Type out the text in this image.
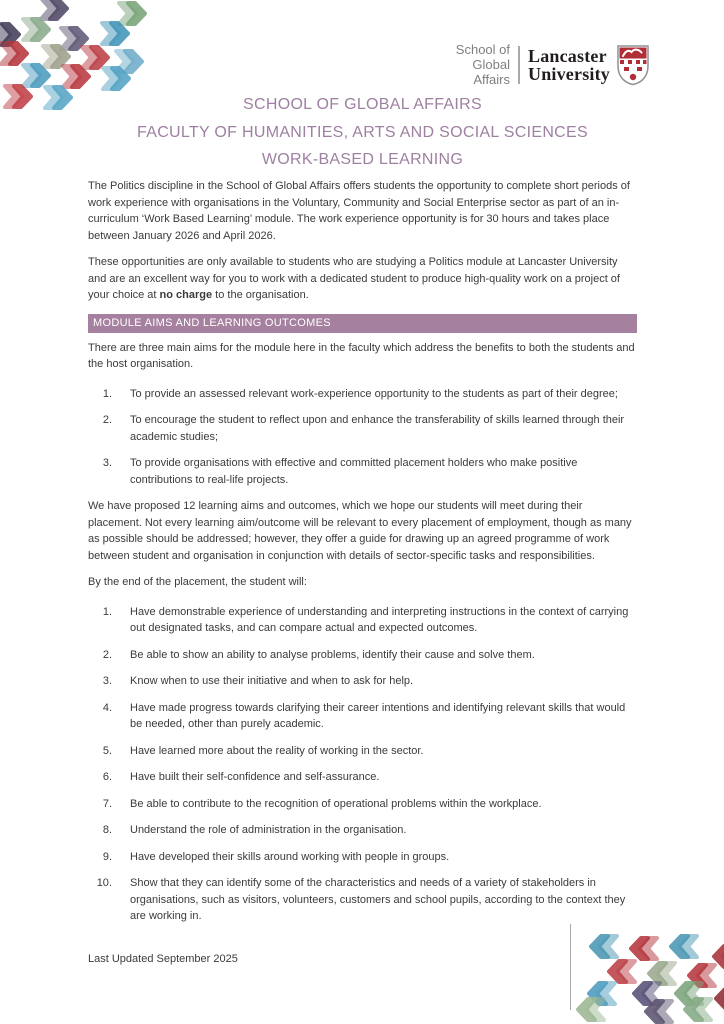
School of
Global Affairs
Lancaster
University
SCHOOL OF GLOBAL AFFAIRS
FACULTY OF HUMANITIES, ARTS AND SOCIAL SCIENCES
WORK-BASED LEARNING

The Politics discipline in the School of Global Affairs offers students the opportunity to complete short periods of work experience with organisations in the Voluntary, Community and Social Enterprise sector as part of an in-curriculum ‘Work Based Learning’ module. The work experience opportunity is for 30 hours and takes place between January 2026 and April 2026.

These opportunities are only available to students who are studying a Politics module at Lancaster University and are an excellent way for you to work with a dedicated student to produce high-quality work on a project of your choice at no charge to the organisation.

MODULE AIMS AND LEARNING OUTCOMES

There are three main aims for the module here in the faculty which address the benefits to both the students and the host organisation.

To provide an assessed relevant work-experience opportunity to the students as part of their degree;
To encourage the student to reflect upon and enhance the transferability of skills learned through their academic studies;
To provide organisations with effective and committed placement holders who make positive contributions to real-life projects.

We have proposed 12 learning aims and outcomes, which we hope our students will meet during their placement. Not every learning aim/outcome will be relevant to every placement of employment, though as many as possible should be addressed; however, they offer a guide for drawing up an agreed programme of work between student and organisation in conjunction with details of sector-specific tasks and responsibilities.

By the end of the placement, the student will:

Have demonstrable experience of understanding and interpreting instructions in the context of carrying out designated tasks, and can compare actual and expected outcomes.
Be able to show an ability to analyse problems, identify their cause and solve them.
Know when to use their initiative and when to ask for help.
Have made progress towards clarifying their career intentions and identifying relevant skills that would be needed, other than purely academic.
Have learned more about the reality of working in the sector.
Have built their self-confidence and self-assurance.
Be able to contribute to the recognition of operational problems within the workplace.
Understand the role of administration in the organisation.
Have developed their skills around working with people in groups.
Show that they can identify some of the characteristics and needs of a variety of stakeholders in organisations, such as visitors, volunteers, customers and school pupils, according to the context they are working in.
Last Updated September 2025
